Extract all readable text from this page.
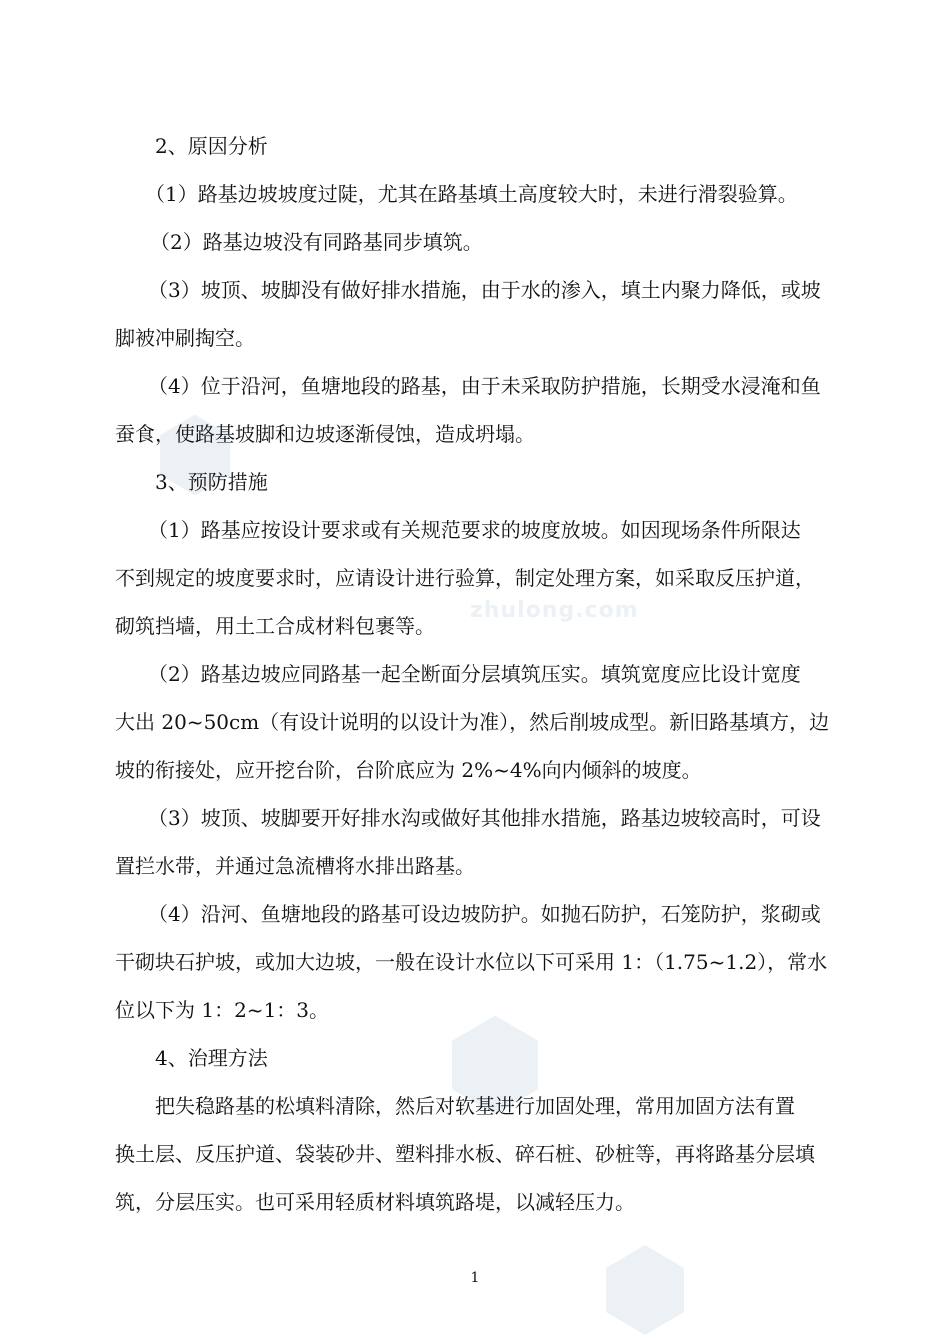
zhulong.com
2、原因分析
（1）路基边坡坡度过陡，尤其在路基填土高度较大时，未进行滑裂验算。
（2）路基边坡没有同路基同步填筑。
（3）坡顶、坡脚没有做好排水措施，由于水的渗入，填土内聚力降低，或坡
脚被冲刷掏空。
（4）位于沿河，鱼塘地段的路基，由于未采取防护措施，长期受水浸淹和鱼
蚕食，使路基坡脚和边坡逐渐侵蚀，造成坍塌。
3、预防措施
（1）路基应按设计要求或有关规范要求的坡度放坡。如因现场条件所限达
不到规定的坡度要求时，应请设计进行验算，制定处理方案，如采取反压护道，
砌筑挡墙，用土工合成材料包裹等。
（2）路基边坡应同路基一起全断面分层填筑压实。填筑宽度应比设计宽度
大出 20~50cm（有设计说明的以设计为准），然后削坡成型。新旧路基填方，边
坡的衔接处，应开挖台阶，台阶底应为 2%~4%向内倾斜的坡度。
（3）坡顶、坡脚要开好排水沟或做好其他排水措施，路基边坡较高时，可设
置拦水带，并通过急流槽将水排出路基。
（4）沿河、鱼塘地段的路基可设边坡防护。如抛石防护，石笼防护，浆砌或
干砌块石护坡，或加大边坡，一般在设计水位以下可采用 1：（1.75~1.2），常水
位以下为 1：2~1：3。
4、治理方法
把失稳路基的松填料清除，然后对软基进行加固处理，常用加固方法有置
换土层、反压护道、袋装砂井、塑料排水板、碎石桩、砂桩等，再将路基分层填
筑，分层压实。也可采用轻质材料填筑路堤，以减轻压力。
1
